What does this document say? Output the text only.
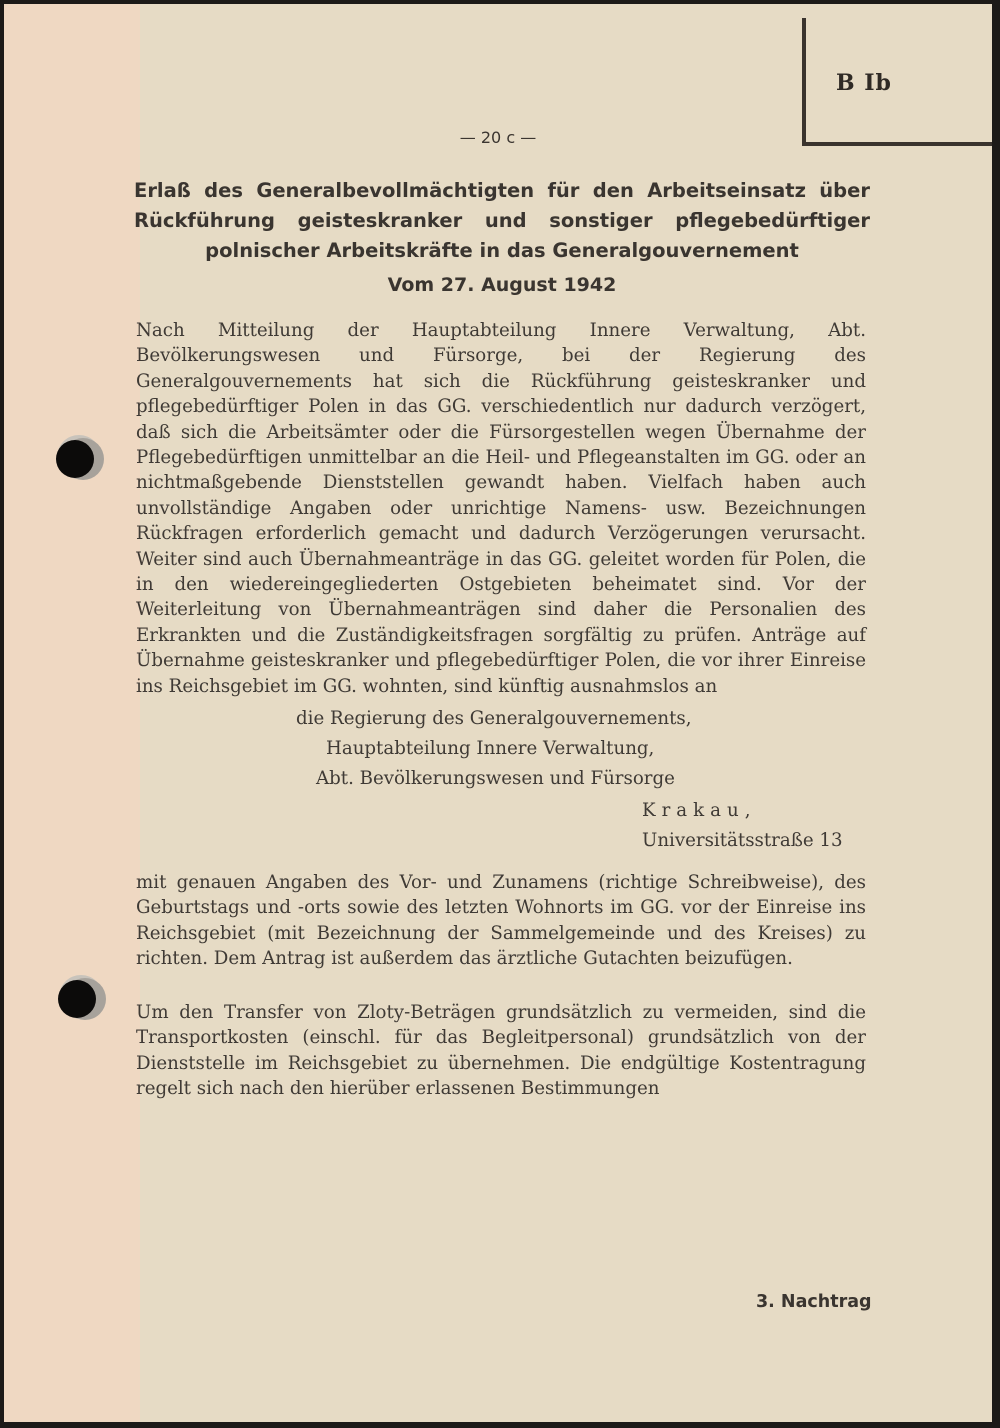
B Ib
— 20 c —
Erlaß des Generalbevollmächtigten für den Arbeitseinsatz über Rückführung geisteskranker und sonstiger pflegebedürftiger polnischer Arbeitskräfte in das Generalgouvernement
Vom 27. August 1942

Nach Mitteilung der Hauptabteilung Innere Verwaltung, Abt. Bevölkerungswesen und Fürsorge, bei der Regierung des Generalgouvernements hat sich die Rückführung geisteskranker und pflegebedürftiger Polen in das GG. verschiedentlich nur dadurch verzögert, daß sich die Arbeitsämter oder die Fürsorgestellen wegen Übernahme der Pflegebedürftigen unmittelbar an die Heil- und Pflegeanstalten im GG. oder an nichtmaßgebende Dienststellen gewandt haben. Vielfach haben auch unvollständige Angaben oder unrichtige Namens- usw. Bezeichnungen Rückfragen erforderlich gemacht und dadurch Verzögerungen verursacht. Weiter sind auch Übernahmeanträge in das GG. geleitet worden für Polen, die in den wiedereingegliederten Ostgebieten beheimatet sind. Vor der Weiterleitung von Übernahmeanträgen sind daher die Personalien des Erkrankten und die Zuständigkeitsfragen sorgfältig zu prüfen. Anträge auf Übernahme geisteskranker und pflegebedürftiger Polen, die vor ihrer Einreise ins Reichsgebiet im GG. wohnten, sind künftig ausnahmslos an

die Regierung des Generalgouvernements,
Hauptabteilung Innere Verwaltung,
Abt. Bevölkerungswesen und Fürsorge
Krakau,
Universitätsstraße 13

mit genauen Angaben des Vor- und Zunamens (richtige Schreibweise), des Geburtstags und -orts sowie des letzten Wohnorts im GG. vor der Einreise ins Reichsgebiet (mit Bezeichnung der Sammelgemeinde und des Kreises) zu richten. Dem Antrag ist außerdem das ärztliche Gutachten beizufügen.

Um den Transfer von Zloty-Beträgen grundsätzlich zu vermeiden, sind die Transportkosten (einschl. für das Begleitpersonal) grundsätzlich von der Dienststelle im Reichsgebiet zu übernehmen. Die endgültige Kostentragung regelt sich nach den hierüber erlassenen Bestimmungen

3. Nachtrag
